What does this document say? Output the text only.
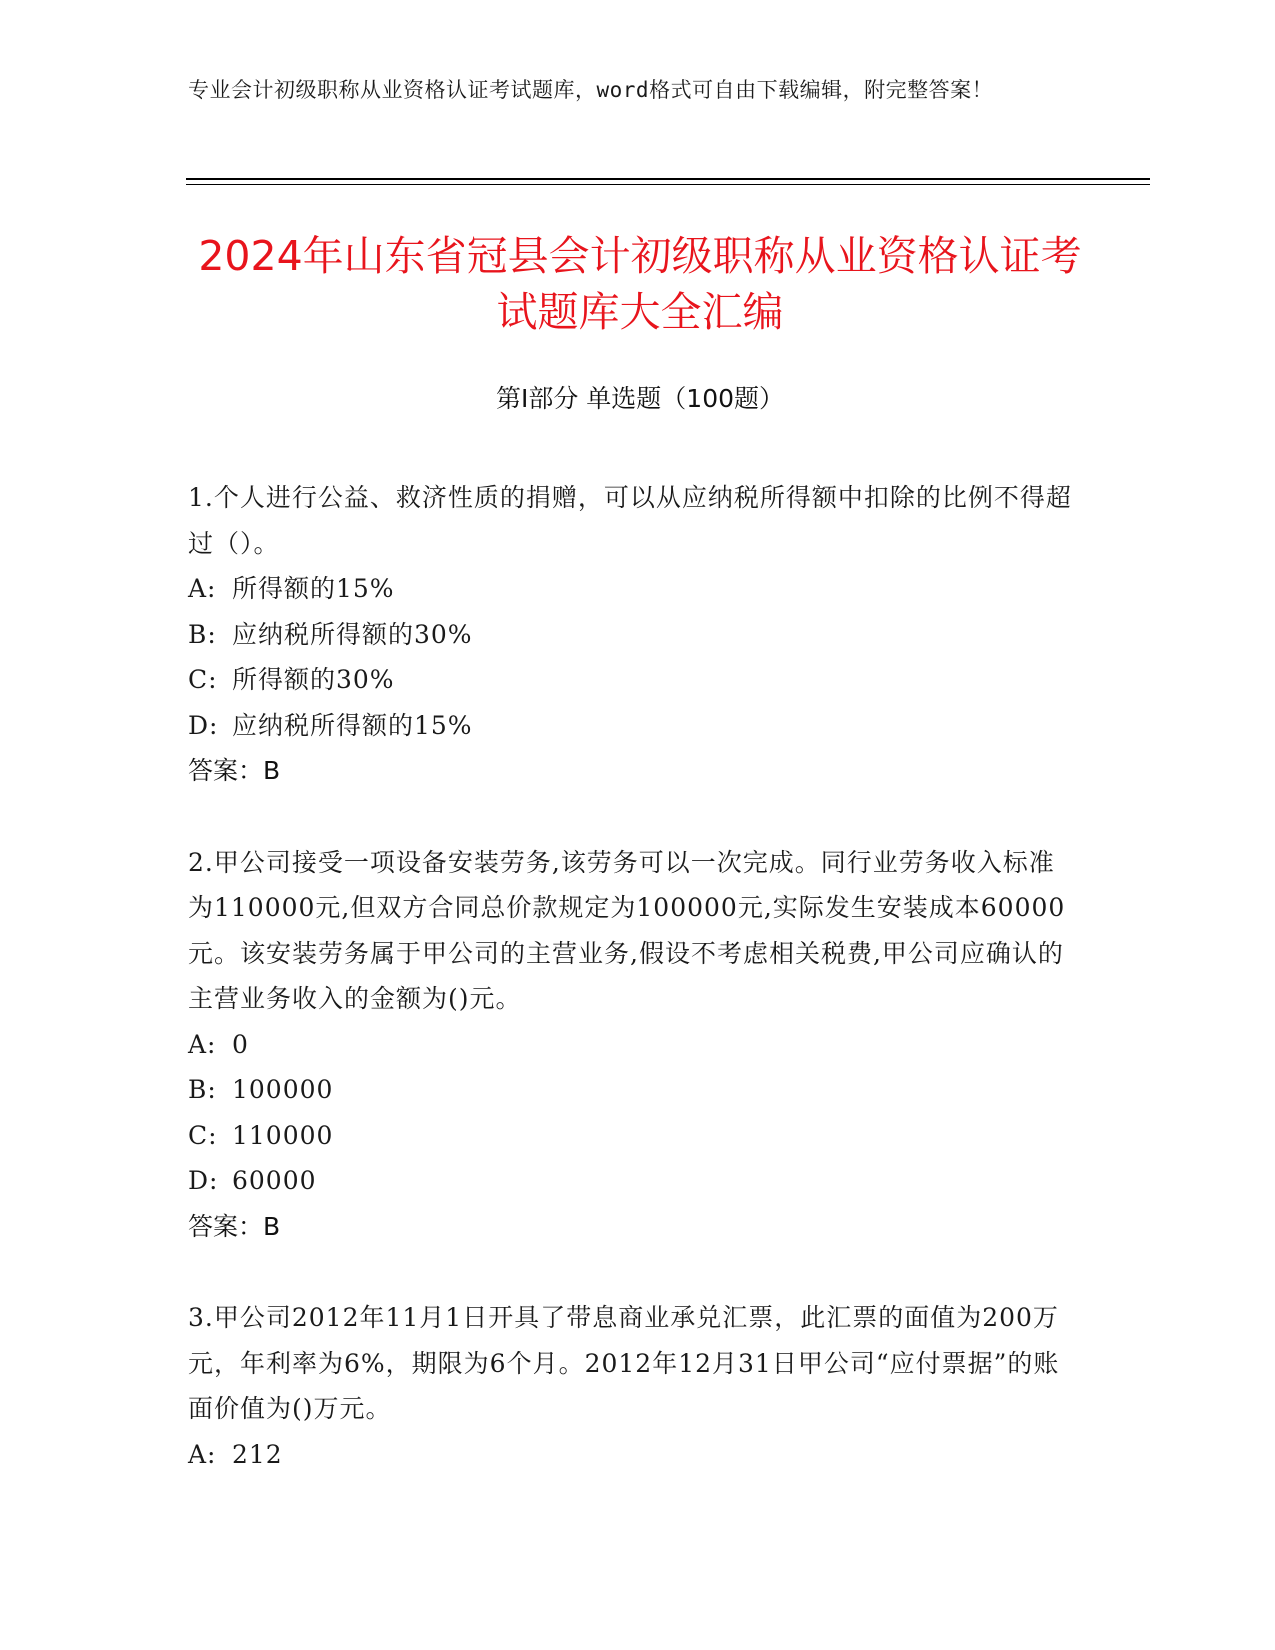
专业会计初级职称从业资格认证考试题库，word格式可自由下载编辑，附完整答案！
2024年山东省冠县会计初级职称从业资格认证考试题库大全汇编
第I部分 单选题（100题）

1.个人进行公益、救济性质的捐赠，可以从应纳税所得额中扣除的比例不得超过（）。

A: 所得额的15%

B: 应纳税所得额的30%

C: 所得额的30%

D: 应纳税所得额的15%

答案：B

2.甲公司接受一项设备安装劳务,该劳务可以一次完成。同行业劳务收入标准为110000元,但双方合同总价款规定为100000元,实际发生安装成本60000元。该安装劳务属于甲公司的主营业务,假设不考虑相关税费,甲公司应确认的主营业务收入的金额为()元。

A: 0

B: 100000

C: 110000

D: 60000

答案：B

3.甲公司2012年11月1日开具了带息商业承兑汇票，此汇票的面值为200万元，年利率为6%，期限为6个月。2012年12月31日甲公司“应付票据”的账面价值为()万元。

A: 212
